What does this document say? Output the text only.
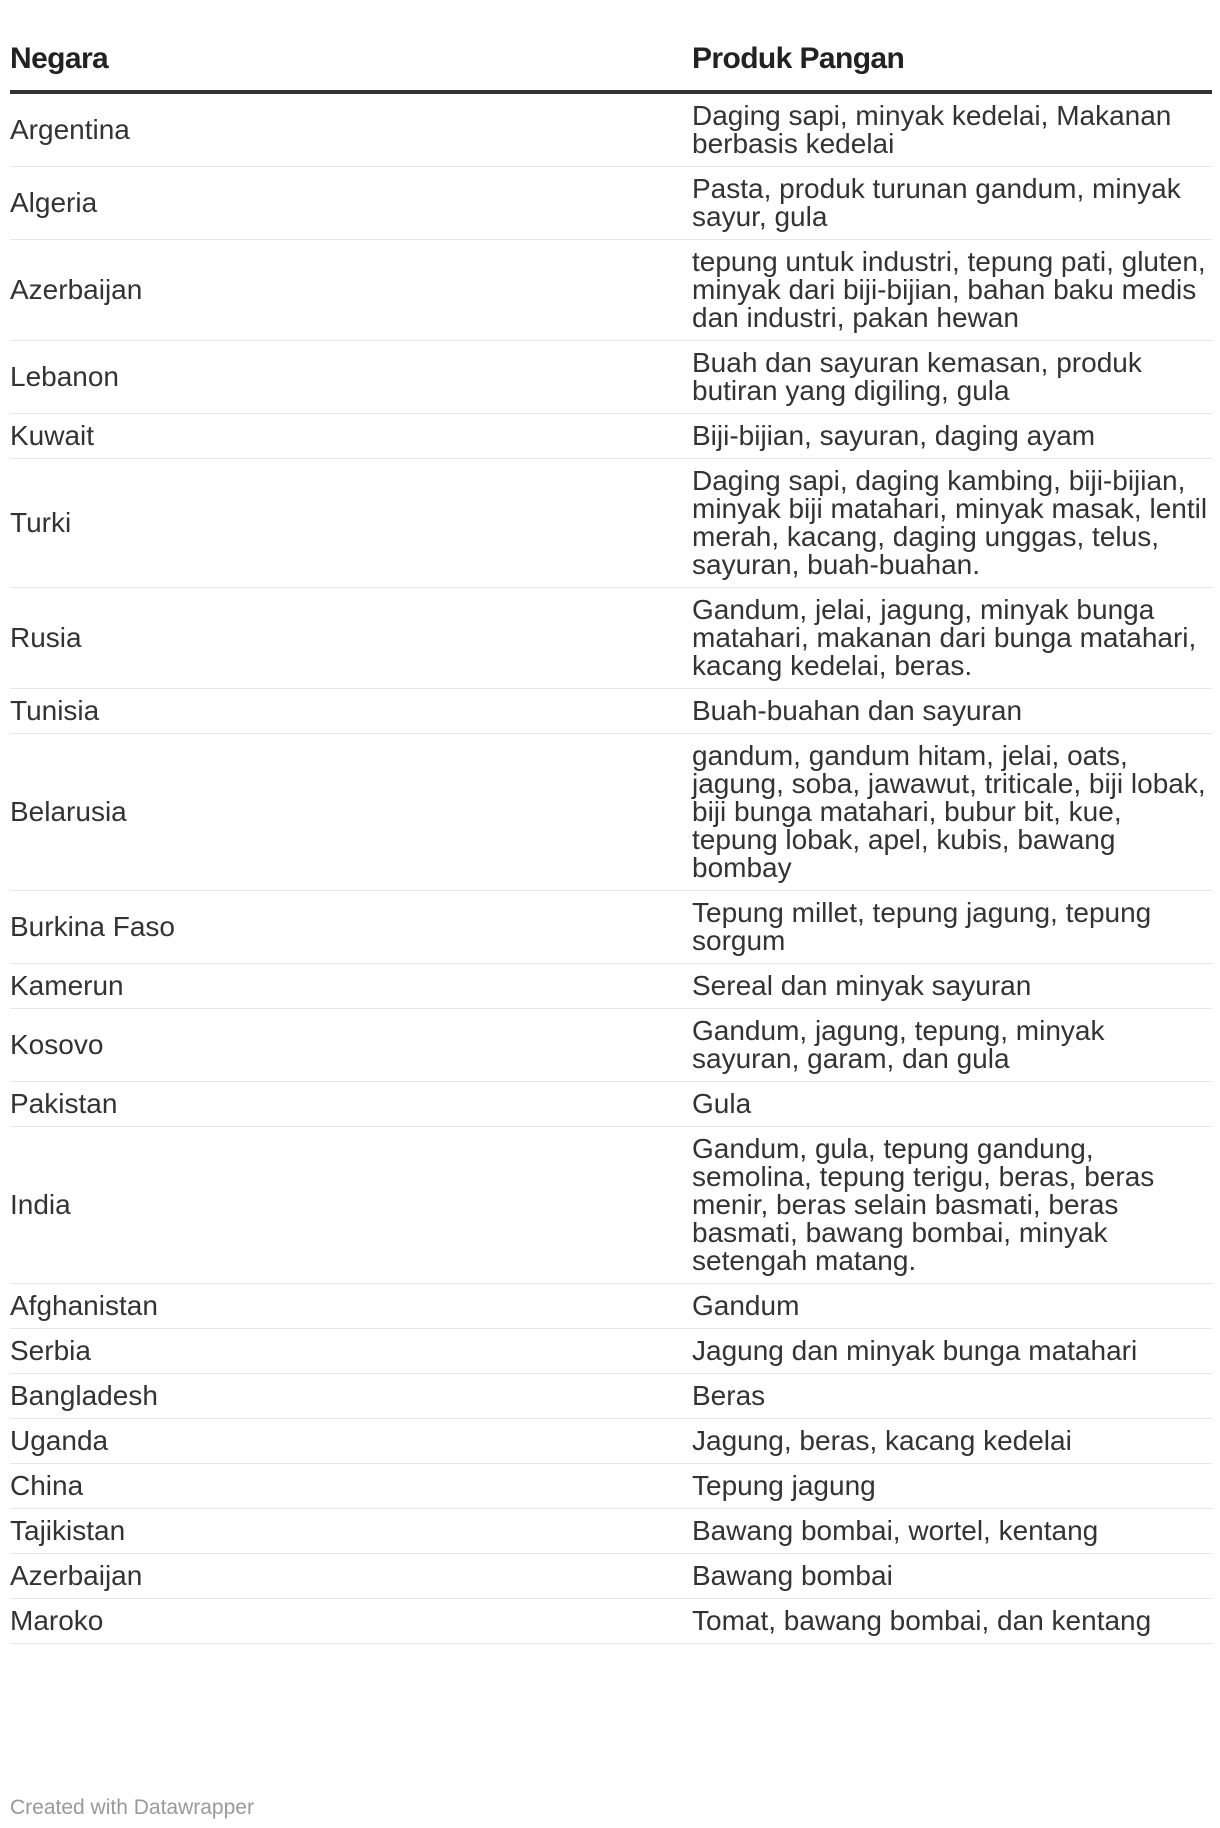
Negara	Produk Pangan
Argentina	Daging sapi, minyak kedelai, Makanan berbasis kedelai
Algeria	Pasta, produk turunan gandum, minyak sayur, gula
Azerbaijan	tepung untuk industri, tepung pati, gluten, minyak dari biji-bijian, bahan baku medis dan industri, pakan hewan
Lebanon	Buah dan sayuran kemasan, produk butiran yang digiling, gula
Kuwait	Biji-bijian, sayuran, daging ayam
Turki	Daging sapi, daging kambing, biji-bijian, minyak biji matahari, minyak masak, lentil merah, kacang, daging unggas, telus, sayuran, buah-buahan.
Rusia	Gandum, jelai, jagung, minyak bunga matahari, makanan dari bunga matahari, kacang kedelai, beras.
Tunisia	Buah-buahan dan sayuran
Belarusia	gandum, gandum hitam, jelai, oats, jagung, soba, jawawut, triticale, biji lobak, biji bunga matahari, bubur bit, kue, tepung lobak, apel, kubis, bawang bombay
Burkina Faso	Tepung millet, tepung jagung, tepung sorgum
Kamerun	Sereal dan minyak sayuran
Kosovo	Gandum, jagung, tepung, minyak sayuran, garam, dan gula
Pakistan	Gula
India	Gandum, gula, tepung gandung, semolina, tepung terigu, beras, beras menir, beras selain basmati, beras basmati, bawang bombai, minyak setengah matang.
Afghanistan	Gandum
Serbia	Jagung dan minyak bunga matahari
Bangladesh	Beras
Uganda	Jagung, beras, kacang kedelai
China	Tepung jagung
Tajikistan	Bawang bombai, wortel, kentang
Azerbaijan	Bawang bombai
Maroko	Tomat, bawang bombai, dan kentang
Created with Datawrapper
